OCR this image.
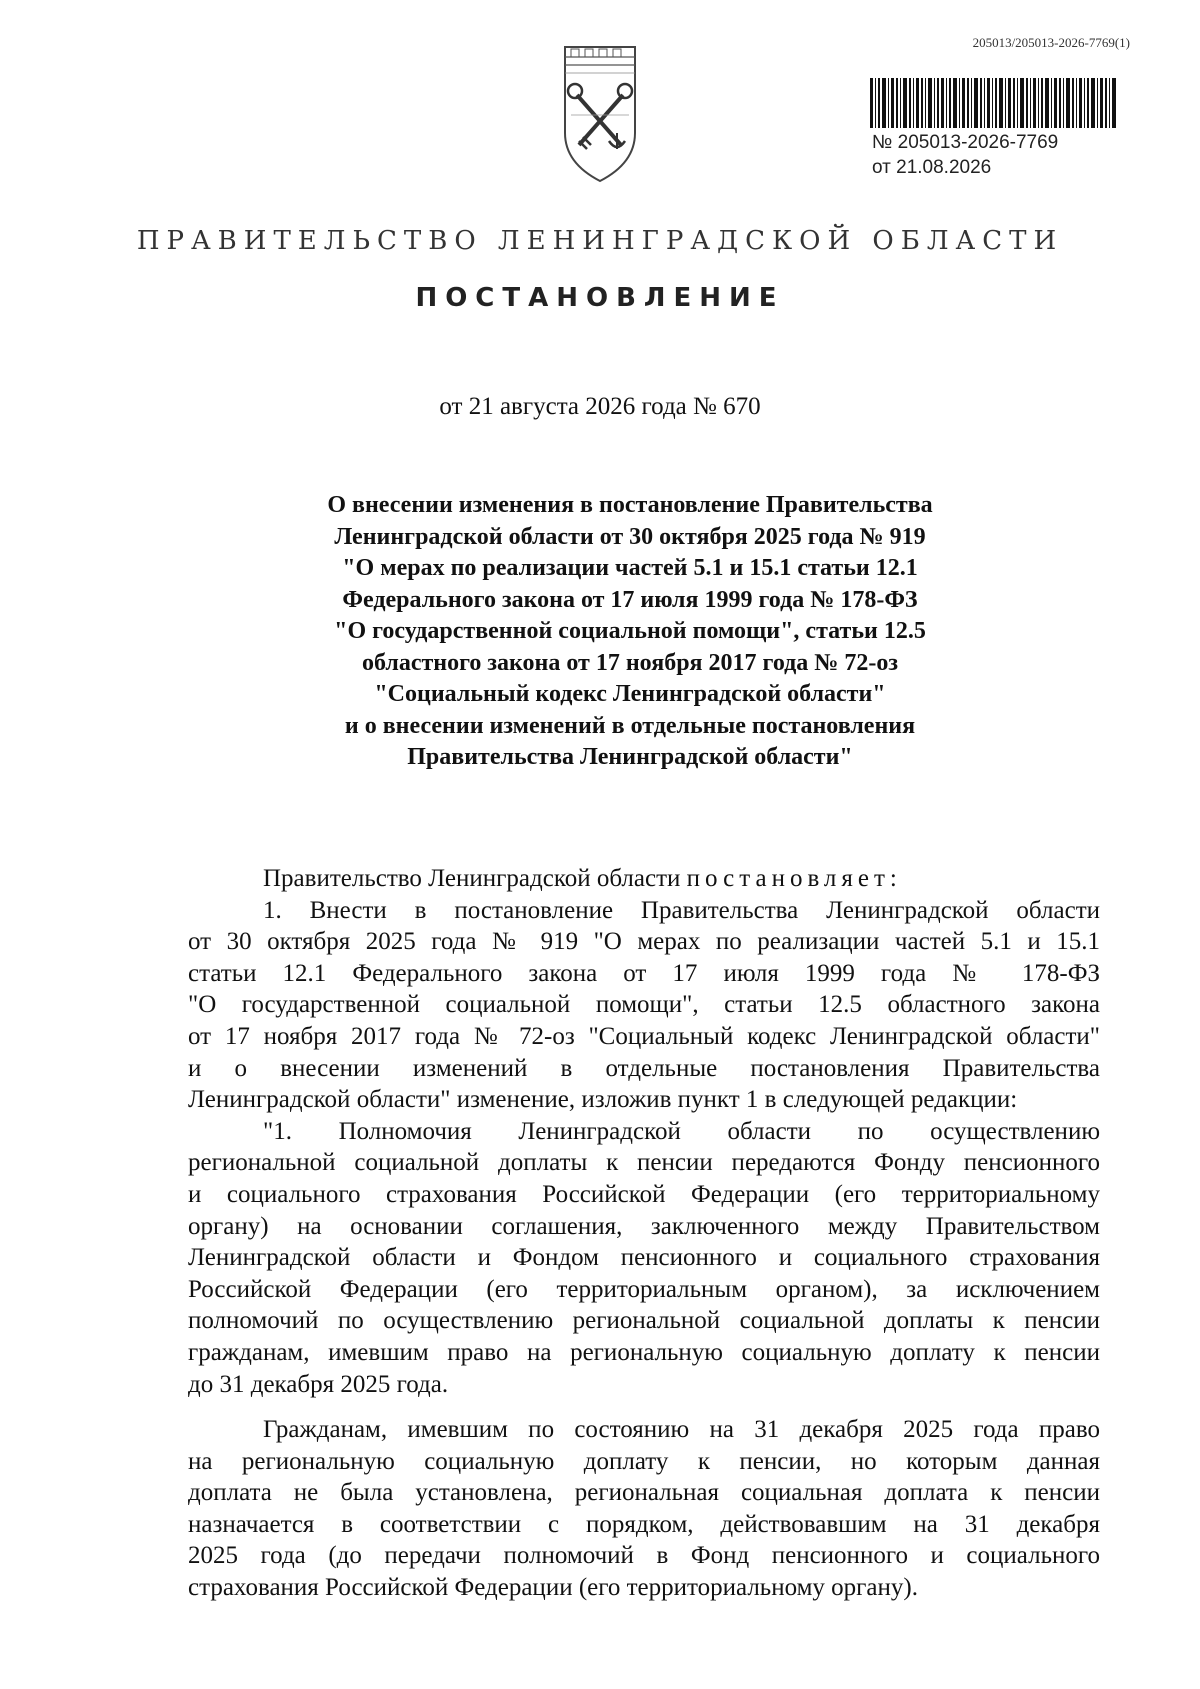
205013/205013-2026-7769(1)
№ 205013-2026-7769
от 21.08.2026
ПРАВИТЕЛЬСТВО ЛЕНИНГРАДСКОЙ ОБЛАСТИ
ПОСТАНОВЛЕНИЕ
от 21 августа 2026 года № 670
О внесении изменения в постановление Правительства
Ленинградской области от 30 октября 2025 года № 919
"О мерах по реализации частей 5.1 и 15.1 статьи 12.1
Федерального закона от 17 июля 1999 года № 178-ФЗ
"О государственной социальной помощи", статьи 12.5
областного закона от 17 ноября 2017 года № 72-оз
"Социальный кодекс Ленинградской области"
и о внесении изменений в отдельные постановления
Правительства Ленинградской области"
Правительство Ленинградской области постановляет:
1. Внести в постановление Правительства Ленинградской области
от 30 октября 2025 года № 919 "О мерах по реализации частей 5.1 и 15.1
статьи 12.1 Федерального закона от 17 июля 1999 года № 178-ФЗ
"О государственной социальной помощи", статьи 12.5 областного закона
от 17 ноября 2017 года № 72-оз "Социальный кодекс Ленинградской области"
и о внесении изменений в отдельные постановления Правительства
Ленинградской области" изменение, изложив пункт 1 в следующей редакции:
"1. Полномочия Ленинградской области по осуществлению
региональной социальной доплаты к пенсии передаются Фонду пенсионного
и социального страхования Российской Федерации (его территориальному
органу) на основании соглашения, заключенного между Правительством
Ленинградской области и Фондом пенсионного и социального страхования
Российской Федерации (его территориальным органом), за исключением
полномочий по осуществлению региональной социальной доплаты к пенсии
гражданам, имевшим право на региональную социальную доплату к пенсии
до 31 декабря 2025 года.
Гражданам, имевшим по состоянию на 31 декабря 2025 года право
на региональную социальную доплату к пенсии, но которым данная
доплата не была установлена, региональная социальная доплата к пенсии
назначается в соответствии с порядком, действовавшим на 31 декабря
2025 года (до передачи полномочий в Фонд пенсионного и социального
страхования Российской Федерации (его территориальному органу).
